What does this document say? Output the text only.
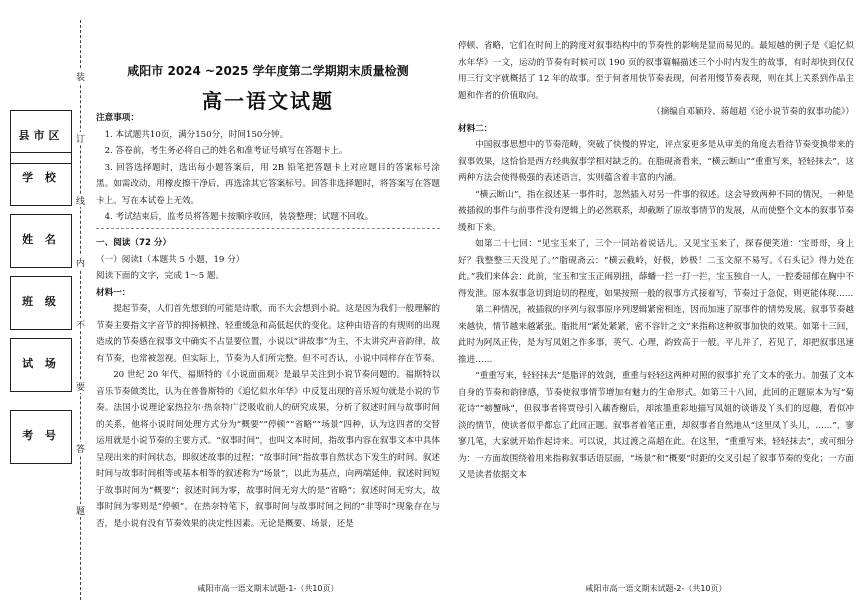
县市区
学 校
姓 名
班 级
试 场
考 号
装
订
线
内
不
要
答
题
咸阳市 2024 ~2025 学年度第二学期期末质量检测
高一语文试题

注意事项：

1. 本试题共10页，满分150分，时间150分钟。

2. 答卷前，考生务必将自己的姓名和准考证号填写在答题卡上。

3. 回答选择题时，选出每小题答案后，用 2B 铅笔把答题卡上对应题目的答案标号涂黑。如需改动，用橡皮擦干净后，再选涂其它答案标号。回答非选择题时，将答案写在答题卡上。写在本试卷上无效。

4. 考试结束后，监考员将答题卡按顺序收回，装袋整理；试题不回收。

一、阅读（72 分）

（一）阅读Ⅰ（本题共 5 小题，19 分）

阅读下面的文字，完成 1～5 题。

材料一：

提起节奏，人们首先想到的可能是诗歌，而不大会想到小说。这是因为我们一般理解的节奏主要指文字音节的抑扬顿挫、轻重缓急和高低起伏的变化。这种由语音的有规则的出现造成的节奏感在叙事文中确实不占显要位置，小说以“讲故事”为主，不太讲究声音韵律，故有节奏，也常被忽视。但实际上，节奏为人们所完整。但不可否认，小说中同样存在节奏。

20 世纪 20 年代，福斯特的《小说面面观》是最早关注到小说节奏问题的。福斯特以音乐节奏做类比，认为在普鲁斯特的《追忆似水年华》中反复出现的音乐短句就是小说的节奏。法国小说理论家热拉尔·热奈特广泛吸收前人的研究成果，分析了叙述时间与故事时间的关系，他将小说时间处理方式分为“概要”“停顿”“省略”“场景”四种，认为这四者的交替运用就是小说节奏的主要方式。“叙事时间”，也叫文本时间，指故事内容在叙事文本中具体呈现出来的时间状态，即叙述故事的过程；“故事时间”指故事自然状态下发生的时间。叙述时间与故事时间相等或基本相等的叙述称为“场景”，以此为基点，向两端延伸。叙述时间短于故事时间为“概要”；叙述时间为零，故事时间无穷大的是“省略”；叙述时间无穷大，故事时间为零则是“停顿”。在热奈特笔下，叙事时间与故事时间之间的“非等时”现象存在与否，是小说有没有节奏效果的决定性因素。无论是概要、场景，还是

咸阳市高一语文期末试题-1-（共10页）

停顿、省略，它们在时间上的跨度对叙事结构中的节奏性的影响是显而易见的。最短越的例子是《追忆似水年华》一文，运动的节奏有时候可以 190 页的叙事篇幅描述三个小时内发生的故事，有时却快到仅仅用三行文字就概括了 12 年的故事。至于何者用快节奏表现，何者用慢节奏表现，则在其上关系到作品主题和作者的价值取向。

（摘编自邓颖玲、蒋超超《论小说节奏的叙事功能》）

材料二：

中国叙事思想中的节奏范畴，突破了快慢的界定，评点家更多是从审美的角度去看待节奏变换带来的叙事效果，这恰恰是西方经典叙事学相对缺乏的。在脂砚斋看来，“横云断山”“重重写来，轻轻抹去”，这两种方法会使得极强的表述语言，实则蕴含着丰富的内涵。

“横云断山”，指在叙述某一事件时，忽然插入对另一件事的叙述。这会导致两种不同的情况，一种是被插叙的事件与前事件没有逻辑上的必然联系，却截断了原故事情节的发展，从而使整个文本的叙事节奏缓和下来。

如第二十七回：“见宝玉来了，三个一同站着说话儿。又见宝玉来了，探春便笑道：‘宝哥哥，身上好？我整整三天没见了。’”脂砚斋云：“横云截岭，好极，妙极！二玉文原不易写。《石头记》得力处在此。”我们来体会：此前，宝玉和宝玉正闹别扭，薛蟠一拦一打一拦，宝玉独自一人，一腔委屈郁在胸中不得发泄。原本叙事急切到迫切的程度，如果按照一般的叙事方式接着写，节奏过于急促，则更能体现……

第二种情况，被插叙的序列与叙事原序列逻辑紧密相连，因而加速了原事件的情势发展。叙事节奏越来越快，情节越来越紧张。脂批用“紧处紧紧，密不容针之文”来指称这种叙事加快的效果。如第十三回，此时为阿凤正传，是为写凤姐之作多事，英气、心理，韵致高于一般。平儿并了，若见了，却把叙事迅速推进……

“重重写来，轻轻抹去”是脂评的效剑，重重与轻轻这两种对照的叙事扩充了文本的张力。加强了文本自身的节奏和韵律感，节奏使叙事情节增加有魅力的生命形式。如第三十八回，此回的正题原本为写“菊花诗”“螃蟹咏”，但叙事者将贾母引入藕香榭后，却浓墨重彩地描写凤姐的谈谐及丫头们的逗趣，看似冲淡的情节，使读者似乎都忘了此回正题。叙事者着笔正重，却叙事者自然地从“这里凤丫头儿，……”，寥寥几笔，大家就开始作起诗来。可以说，其过渡之高超在此。在这里，“重重写来，轻轻抹去”，或可细分为：一方面故围绕着用来指称叙事话语层面，“场景”和“概要”时距的交叉引起了叙事节奏的变化；一方面又是读者依据文本

咸阳市高一语文期末试题-2-（共10页）
